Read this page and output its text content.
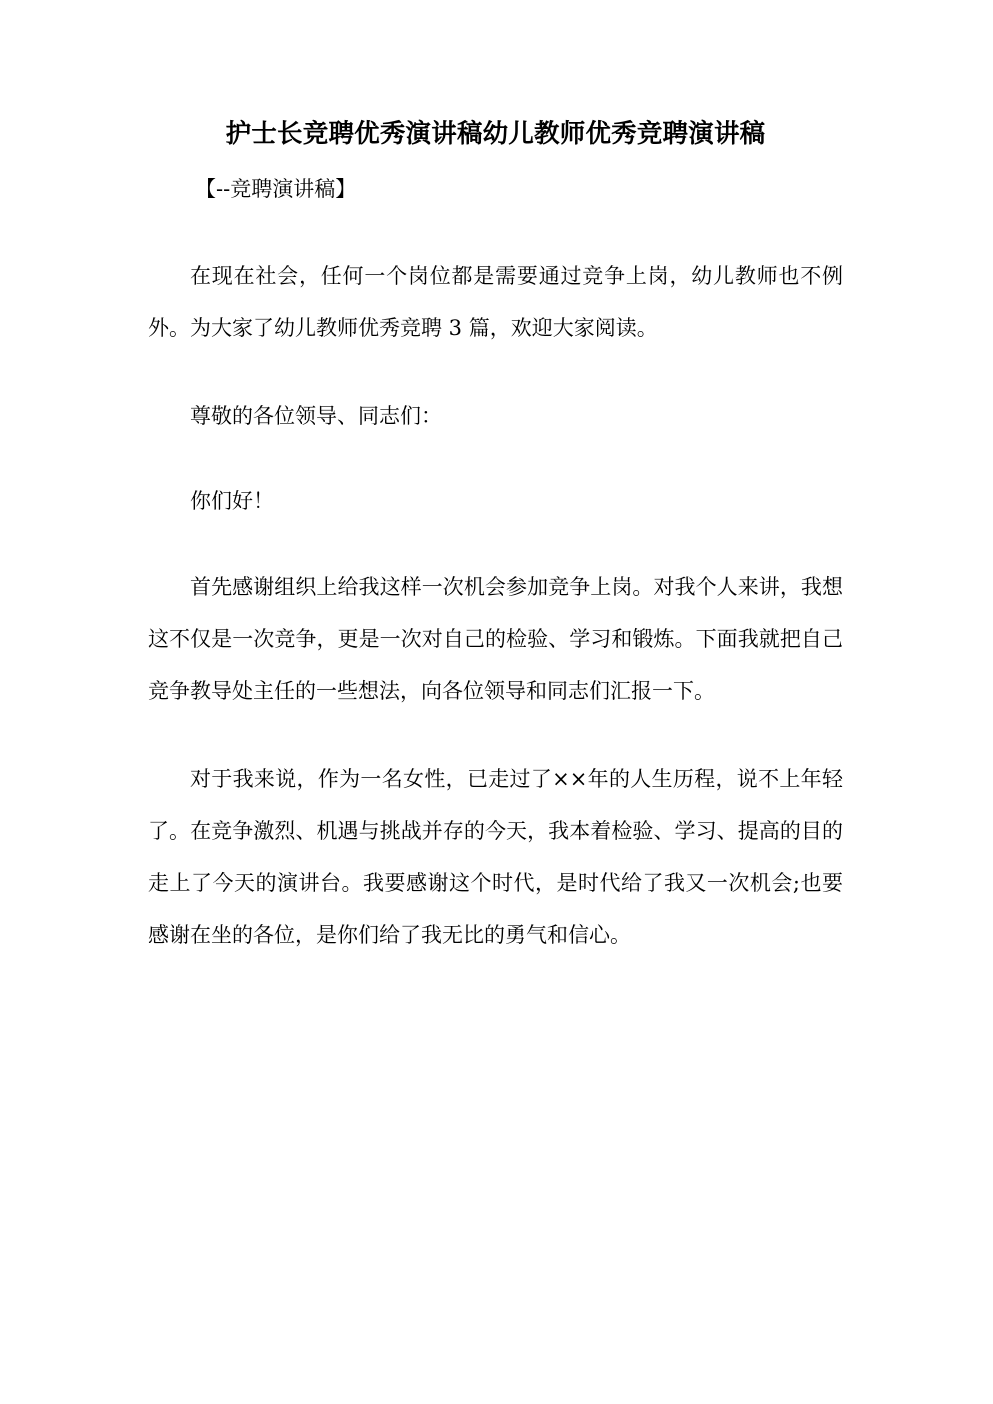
护士长竞聘优秀演讲稿幼儿教师优秀竞聘演讲稿

【--竞聘演讲稿】

在现在社会，任何一个岗位都是需要通过竞争上岗，幼儿教师也不例外。为大家了幼儿教师优秀竞聘 3 篇，欢迎大家阅读。

尊敬的各位领导、同志们：

你们好！

首先感谢组织上给我这样一次机会参加竞争上岗。对我个人来讲，我想这不仅是一次竞争，更是一次对自己的检验、学习和锻炼。下面我就把自己竞争教导处主任的一些想法，向各位领导和同志们汇报一下。

对于我来说，作为一名女性，已走过了××年的人生历程，说不上年轻了。在竞争激烈、机遇与挑战并存的今天，我本着检验、学习、提高的目的走上了今天的演讲台。我要感谢这个时代，是时代给了我又一次机会;也要感谢在坐的各位，是你们给了我无比的勇气和信心。
